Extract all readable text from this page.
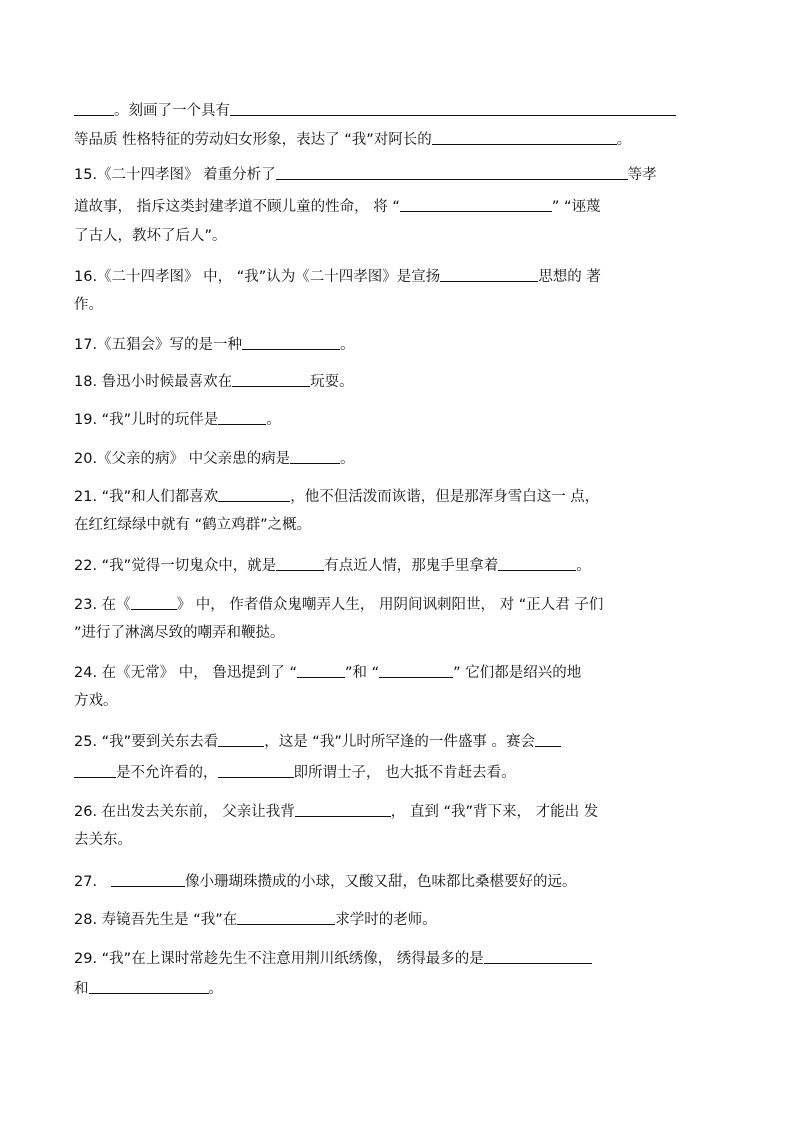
。刻画了一个具有
等品质 性格特征的劳动妇女形象，表达了 “我”对阿长的	。
15.《二十四孝图》 着重分析了	等孝
道故事， 指斥这类封建孝道不顾儿童的性命， 将 “	” “诬蔑
了古人，教坏了后人”。
16.《二十四孝图》 中， “我”认为《二十四孝图》是宣扬	思想的 著
作。
17.《五猖会》写的是一种	。
18. 鲁迅小时候最喜欢在	玩耍。
19. “我”儿时的玩伴是	。
20.《父亲的病》 中父亲患的病是	。
21. “我”和人们都喜欢	，他不但活泼而诙谐，但是那浑身雪白这一 点，
在红红绿绿中就有 “鹤立鸡群”之概。
22. “我”觉得一切鬼众中，就是	有点近人情，那鬼手里拿着	。
23. 在《	》 中， 作者借众鬼嘲弄人生， 用阴间讽刺阳世， 对 “正人君 子们
”进行了淋漓尽致的嘲弄和鞭挞。
24. 在《无常》 中， 鲁迅提到了 “	”和 “	” 它们都是绍兴的地
方戏。
25. “我”要到关东去看	，这是 “我”儿时所罕逢的一件盛事 。赛会
是不允许看的，	即所谓士子， 也大抵不肯赶去看。
26. 在出发去关东前， 父亲让我背	， 直到 “我”背下来， 才能出 发
去关东。
27.	像小珊瑚珠攒成的小球，又酸又甜，色味都比桑椹要好的远。
28. 寿镜吾先生是 “我”在	求学时的老师。
29. “我”在上课时常趁先生不注意用荆川纸绣像， 绣得最多的是
和	。
